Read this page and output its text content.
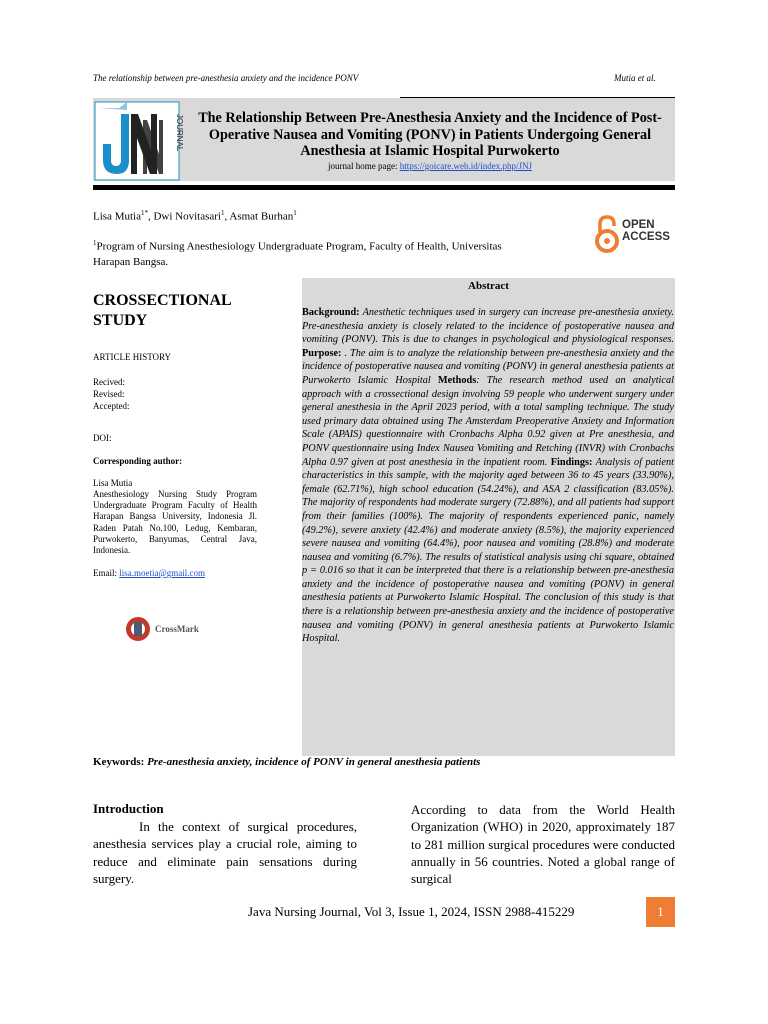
The relationship between pre-anesthesia anxiety and the incidence PONV	Mutia et al.
JOURNAL	The Relationship Between Pre-Anesthesia Anxiety and the Incidence of Post-Operative Nausea and Vomiting (PONV) in Patients Undergoing General Anesthesia at Islamic Hospital Purwokerto
journal home page: https://goicare.web.id/index.php/JNJ
Lisa Mutia$^{1*}$, Dwi Novitasari$^1$, Asmat Burhan$^1$
$^1$Program of Nursing Anesthesiology Undergraduate Program, Faculty of Health, Universitas Harapan Bangsa.
OPEN
ACCESS
CROSSECTIONAL STUDY
ARTICLE HISTORY
Recived:
Revised:
Accepted:
DOI:
Corresponding author:
Lisa Mutia
Anesthesiology Nursing Study Program Undergraduate Program Faculty of Health Harapan Bangsa University, Indonesia Jl. Raden Patah No.100, Ledug, Kembaran, Purwokerto, Banyumas, Central Java, Indonesia.
Email: lisa.moetia@gmail.com
CrossMark
Abstract
Background: Anesthetic techniques used in surgery can increase pre-anesthesia anxiety. Pre-anesthesia anxiety is closely related to the incidence of postoperative nausea and vomiting (PONV). This is due to changes in psychological and physiological responses. Purpose: . The aim is to analyze the relationship between pre-anesthesia anxiety and the incidence of postoperative nausea and vomiting (PONV) in general anesthesia patients at Purwokerto Islamic Hospital Methods: The research method used an analytical approach with a crossectional design involving 59 people who underwent surgery under general anesthesia in the April 2023 period, with a total sampling technique. The study used primary data obtained using The Amsterdam Preoperative Anxiety and Information Scale (APAIS) questionnaire with Cronbachs Alpha 0.92 given at Pre anesthesia, and PONV questionnaire using Index Nausea Vomiting and Retching (INVR) with Cronbachs Alpha 0.97 given at post anesthesia in the inpatient room. Findings: Analysis of patient characteristics in this sample, with the majority aged between 36 to 45 years (33.90%), female (62.71%), high school education (54.24%), and ASA 2 classification (83.05%). The majority of respondents had moderate surgery (72.88%), and all patients had support from their families (100%). The majority of respondents experienced panic, namely (49.2%), severe anxiety (42.4%) and moderate anxiety (8.5%), the majority experienced severe nausea and vomiting (64.4%), poor nausea and vomiting (28.8%) and moderate nausea and vomiting (6.7%). The results of statistical analysis using chi square, obtained p = 0.016 so that it can be interpreted that there is a relationship between pre-anesthesia anxiety and the incidence of postoperative nausea and vomiting (PONV) in general anesthesia patients at Purwokerto Islamic Hospital. The conclusion of this study is that there is a relationship between pre-anesthesia anxiety and the incidence of postoperative nausea and vomiting (PONV) in general anesthesia patients at Purwokerto Islamic Hospital.
Keywords: Pre-anesthesia anxiety, incidence of PONV in general anesthesia patients
Introduction
In the context of surgical procedures, anesthesia services play a crucial role, aiming to reduce and eliminate pain sensations during surgery.
According to data from the World Health Organization (WHO) in 2020, approximately 187 to 281 million surgical procedures were conducted annually in 56 countries. Noted a global range of surgical
Java Nursing Journal, Vol 3, Issue 1, 2024, ISSN 2988-415229	1
